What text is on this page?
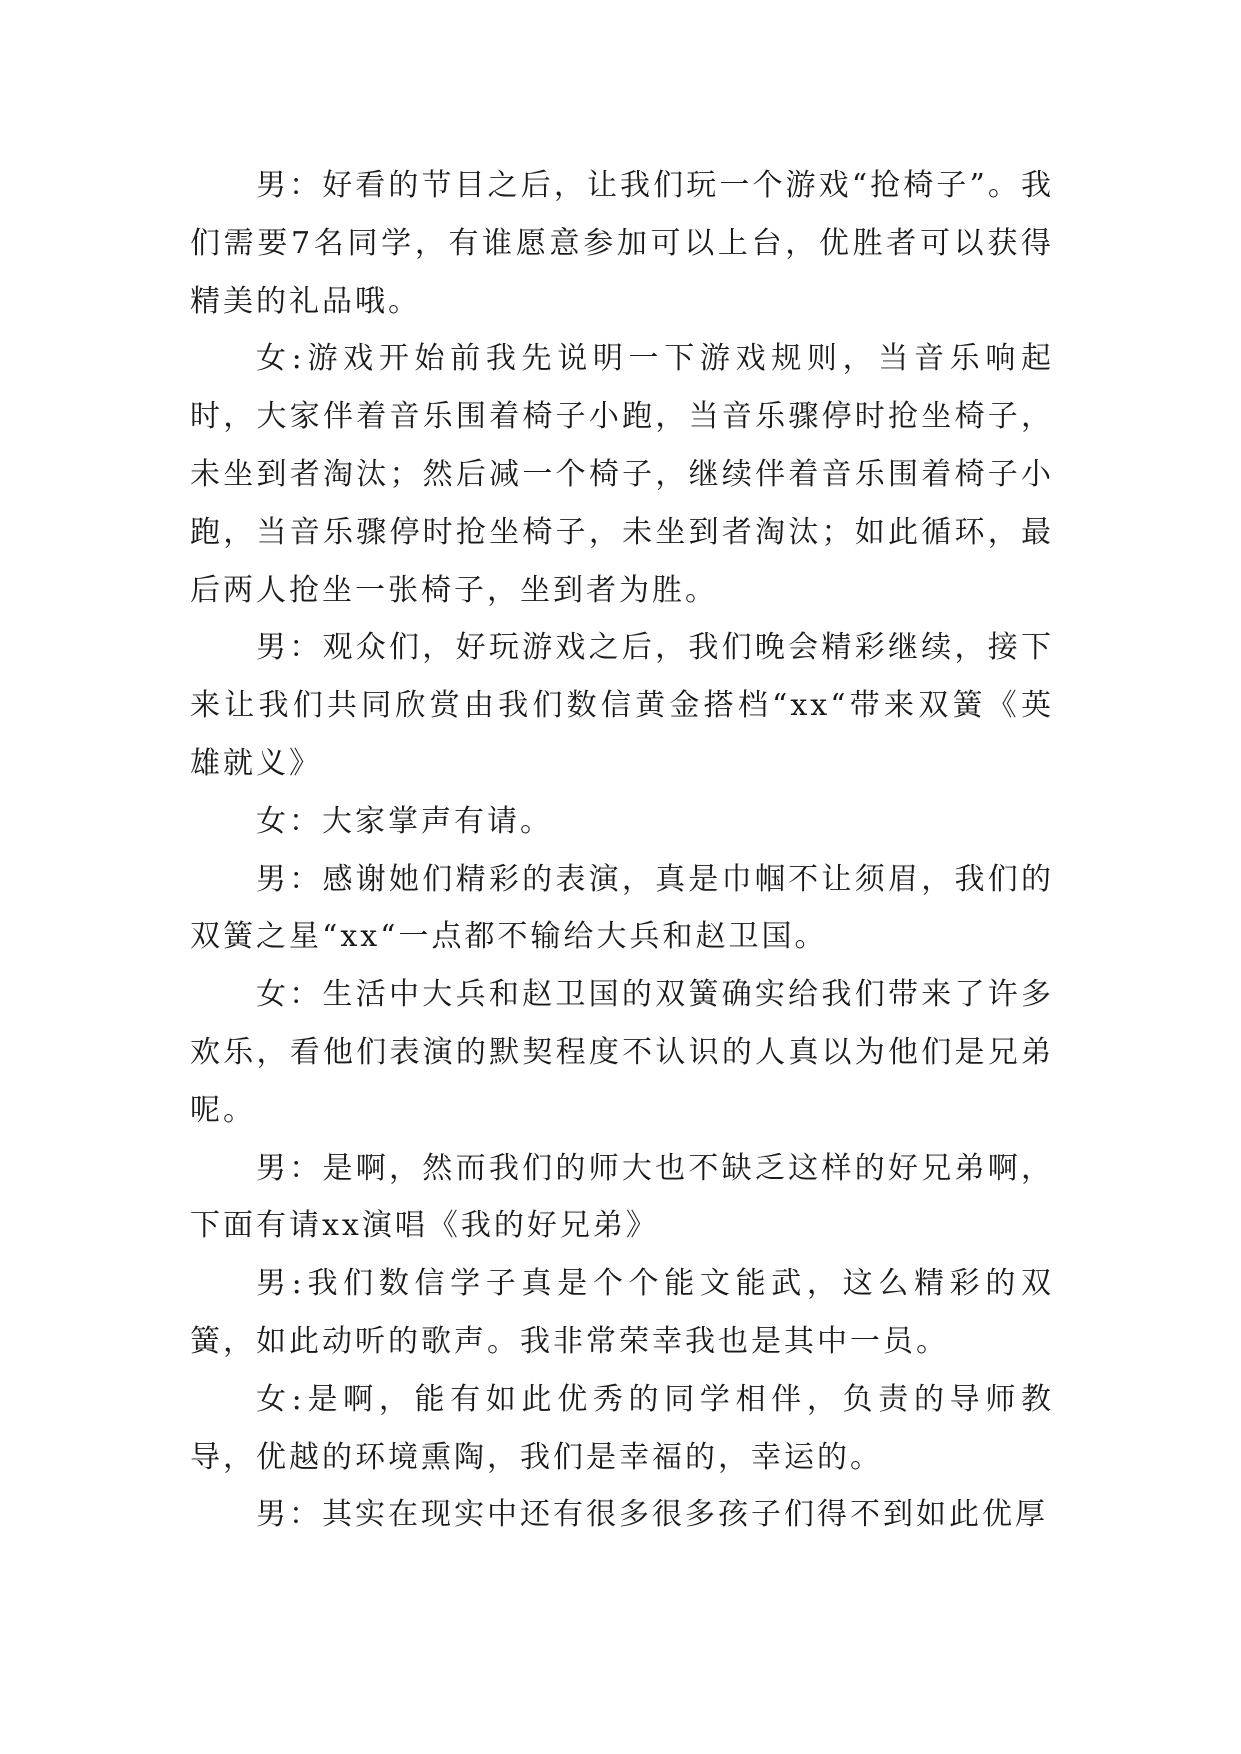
男：好看的节目之后，让我们玩一个游戏“抢椅子”。我们需要7名同学，有谁愿意参加可以上台，优胜者可以获得精美的礼品哦。

女:游戏开始前我先说明一下游戏规则，当音乐响起时，大家伴着音乐围着椅子小跑，当音乐骤停时抢坐椅子，未坐到者淘汰；然后减一个椅子，继续伴着音乐围着椅子小跑，当音乐骤停时抢坐椅子，未坐到者淘汰；如此循环，最后两人抢坐一张椅子，坐到者为胜。

男：观众们，好玩游戏之后，我们晚会精彩继续，接下来让我们共同欣赏由我们数信黄金搭档“xx“带来双簧《英雄就义》

女：大家掌声有请。

男：感谢她们精彩的表演，真是巾帼不让须眉，我们的双簧之星“xx“一点都不输给大兵和赵卫国。

女：生活中大兵和赵卫国的双簧确实给我们带来了许多欢乐，看他们表演的默契程度不认识的人真以为他们是兄弟呢。

男：是啊，然而我们的师大也不缺乏这样的好兄弟啊，下面有请xx演唱《我的好兄弟》

男:我们数信学子真是个个能文能武，这么精彩的双簧，如此动听的歌声。我非常荣幸我也是其中一员。

女:是啊，能有如此优秀的同学相伴，负责的导师教导，优越的环境熏陶，我们是幸福的，幸运的。

男：其实在现实中还有很多很多孩子们得不到如此优厚
